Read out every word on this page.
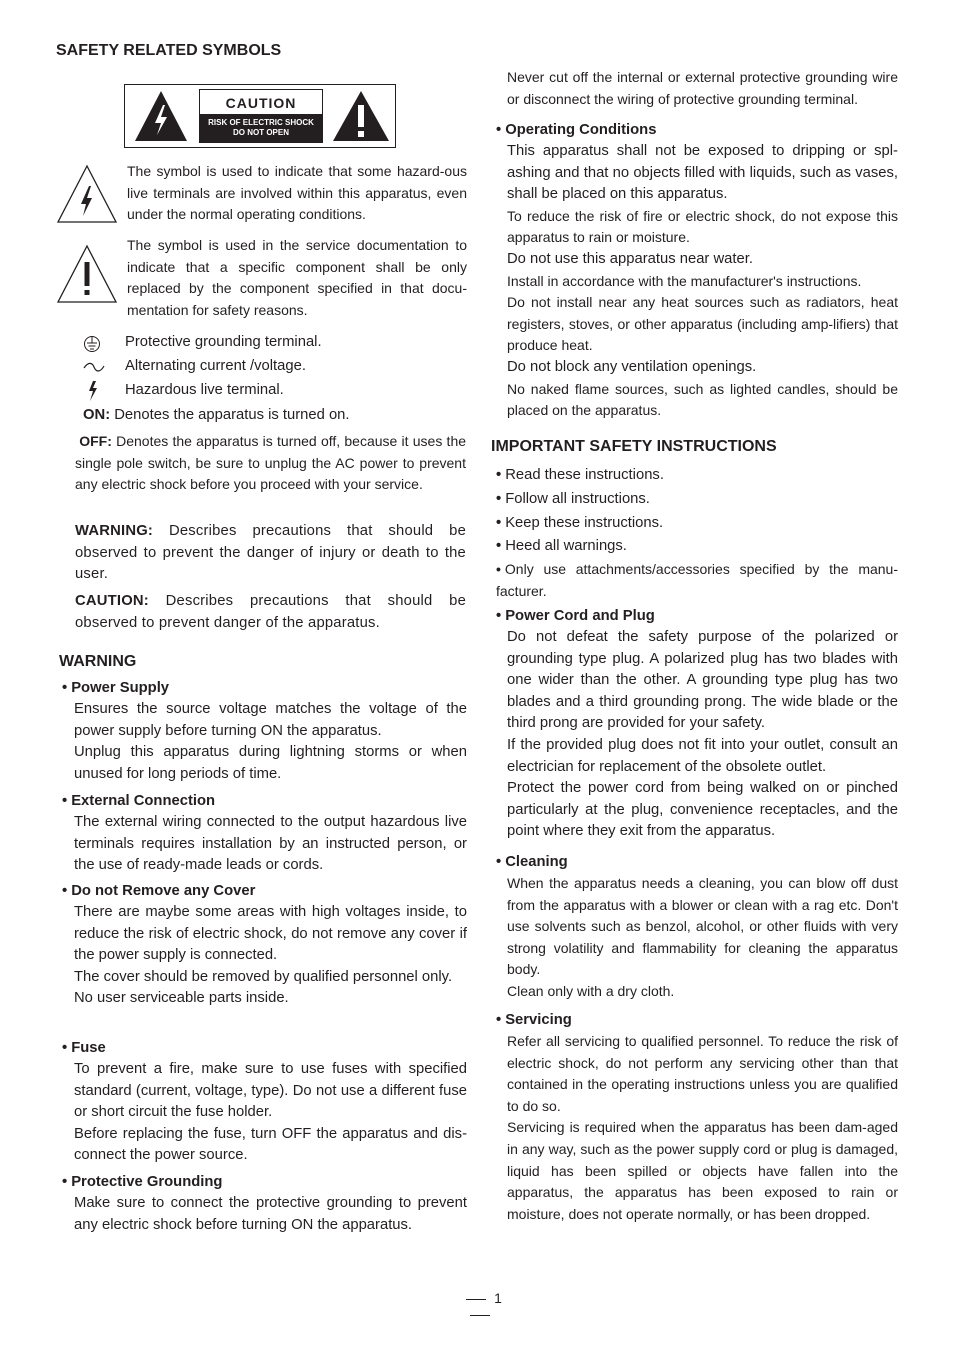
SAFETY RELATED SYMBOLS
CAUTION
RISK OF ELECTRIC SHOCK
DO NOT OPEN

The symbol is used to indicate that some hazard-ous live terminals are involved within this apparatus, even under the normal operating conditions.

The symbol is used in the service documentation to indicate that a specific component shall be only replaced by the component specified in that docu-mentation for safety reasons.

Protective grounding terminal.
Alternating current /voltage.
Hazardous live terminal.

ON: Denotes the apparatus is turned on.

OFF: Denotes the apparatus is turned off, because it uses the single pole switch, be sure to unplug the AC power to prevent any electric shock before you proceed with your service.

WARNING: Describes precautions that should be observed to prevent the danger of injury or death to the user.

CAUTION: Describes precautions that should be observed to prevent danger of the apparatus.

WARNING
• Power Supply

Ensures the source voltage matches the voltage of the power supply before turning ON the apparatus.

Unplug this apparatus during lightning storms or when unused for long periods of time.

• External Connection

The external wiring connected to the output hazardous live terminals requires installation by an instructed person, or the use of ready-made leads or cords.

• Do not Remove any Cover

There are maybe some areas with high voltages inside, to reduce the risk of electric shock, do not remove any cover if the power supply is connected.

The cover should be removed by qualified personnel only.

No user serviceable parts inside.

• Fuse

To prevent a fire, make sure to use fuses with specified standard (current, voltage, type). Do not use a different fuse or short circuit the fuse holder.

Before replacing the fuse, turn OFF the apparatus and dis-connect the power source.

• Protective Grounding

Make sure to connect the protective grounding to prevent any electric shock before turning ON the apparatus.

Never cut off the internal or external protective grounding wire or disconnect the wiring of protective grounding terminal.

• Operating Conditions

This apparatus shall not be exposed to dripping or spl-ashing and that no objects filled with liquids, such as vases, shall be placed on this apparatus.

To reduce the risk of fire or electric shock, do not expose this apparatus to rain or moisture.

Do not use this apparatus near water.

Install in accordance with the manufacturer's instructions.

Do not install near any heat sources such as radiators, heat registers, stoves, or other apparatus (including amp-lifiers) that produce heat.

Do not block any ventilation openings.

No naked flame sources, such as lighted candles, should be placed on the apparatus.

IMPORTANT SAFETY INSTRUCTIONS
• Read these instructions.
• Follow all instructions.
• Keep these instructions.
• Heed all warnings.
• Only use attachments/accessories specified by the manu-facturer.
• Power Cord and Plug

Do not defeat the safety purpose of the polarized or grounding type plug. A polarized plug has two blades with one wider than the other. A grounding type plug has two blades and a third grounding prong. The wide blade or the third prong are provided for your safety.

If the provided plug does not fit into your outlet, consult an electrician for replacement of the obsolete outlet.

Protect the power cord from being walked on or pinched particularly at the plug, convenience receptacles, and the point where they exit from the apparatus.

• Cleaning

When the apparatus needs a cleaning, you can blow off dust from the apparatus with a blower or clean with a rag etc. Don't use solvents such as benzol, alcohol, or other fluids with very strong volatility and flammability for cleaning the apparatus body.

Clean only with a dry cloth.

• Servicing

Refer all servicing to qualified personnel. To reduce the risk of electric shock, do not perform any servicing other than that contained in the operating instructions unless you are qualified to do so.

Servicing is required when the apparatus has been dam-aged in any way, such as the power supply cord or plug is damaged, liquid has been spilled or objects have fallen into the apparatus, the apparatus has been exposed to rain or moisture, does not operate normally, or has been dropped.

1
